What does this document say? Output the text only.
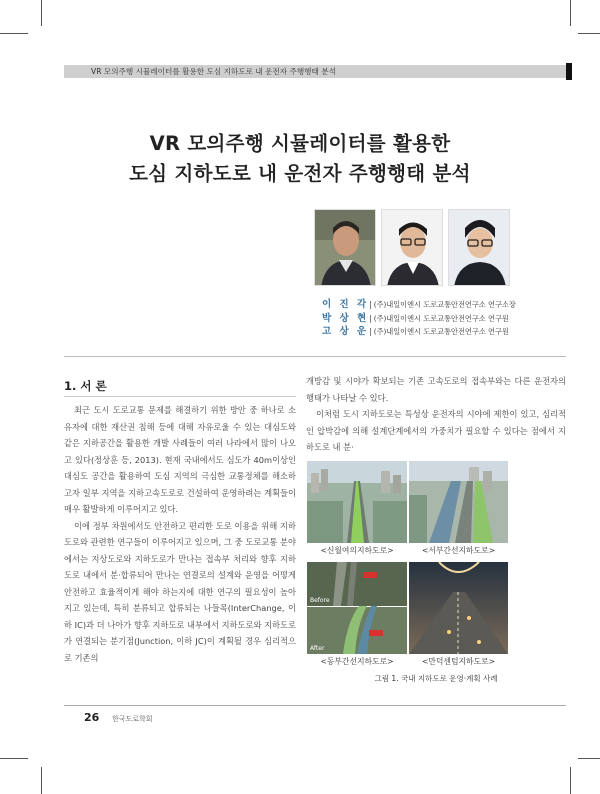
VR 모의주행 시뮬레이터를 활용한 도심 지하도로 내 운전자 주행행태 분석
VR 모의주행 시뮬레이터를 활용한
도심 지하도로 내 운전자 주행행태 분석
이 진 각 | (주)내일이엔시 도로교통안전연구소 연구소장
박 상 현 | (주)내일이엔시 도로교통안전연구소 연구원
고 상 운 | (주)내일이엔시 도로교통안전연구소 연구원
1. 서 론

최근 도시 도로교통 문제를 해결하기 위한 방안 중 하나로 소유자에 대한 재산권 침해 등에 대해 자유로울 수 있는 대심도와 같은 지하공간을 활용한 개발 사례들이 여러 나라에서 많이 나오고 있다(정상훈 등, 2013). 현재 국내에서도 심도가 40m이상인 대심도 공간을 활용하여 도심 지역의 극심한 교통정체를 해소하고자 일부 지역을 지하고속도로로 건설하여 운영하려는 계획들이 매우 활발하게 이루어지고 있다.

이에 정부 차원에서도 안전하고 편리한 도로 이용을 위해 지하도로와 관련한 연구들이 이루어지고 있으며, 그 중 도로교통 분야에서는 지상도로와 지하도로가 만나는 접속부 처리와 향후 지하도로 내에서 분·합류되어 만나는 연결로의 설계와 운영을 어떻게 안전하고 효율적이게 해야 하는지에 대한 연구의 필요성이 높아지고 있는데, 특히 분류되고 합류되는 나들목(InterChange, 이하 IC)과 더 나아가 향후 지하도로 내부에서 지하도로와 지하도로가 연결되는 분기점(Junction, 이하 JC)이 계획될 경우 심리적으로 기존의

개방감 및 시야가 확보되는 기존 고속도로의 접속부와는 다른 운전자의 행태가 나타날 수 있다.

이처럼 도시 지하도로는 특성상 운전자의 시야에 제한이 있고, 심리적인 압박감에 의해 설계단계에서의 가중치가 필요할 수 있다는 점에서 지하도로 내 분·

Before
After
<신월여의지하도로>	<서부간선지하도로>
<동부간선지하도로>	<만덕센텀지하도로>
그림 1. 국내 지하도로 운영·계획 사례
26 한국도로학회
